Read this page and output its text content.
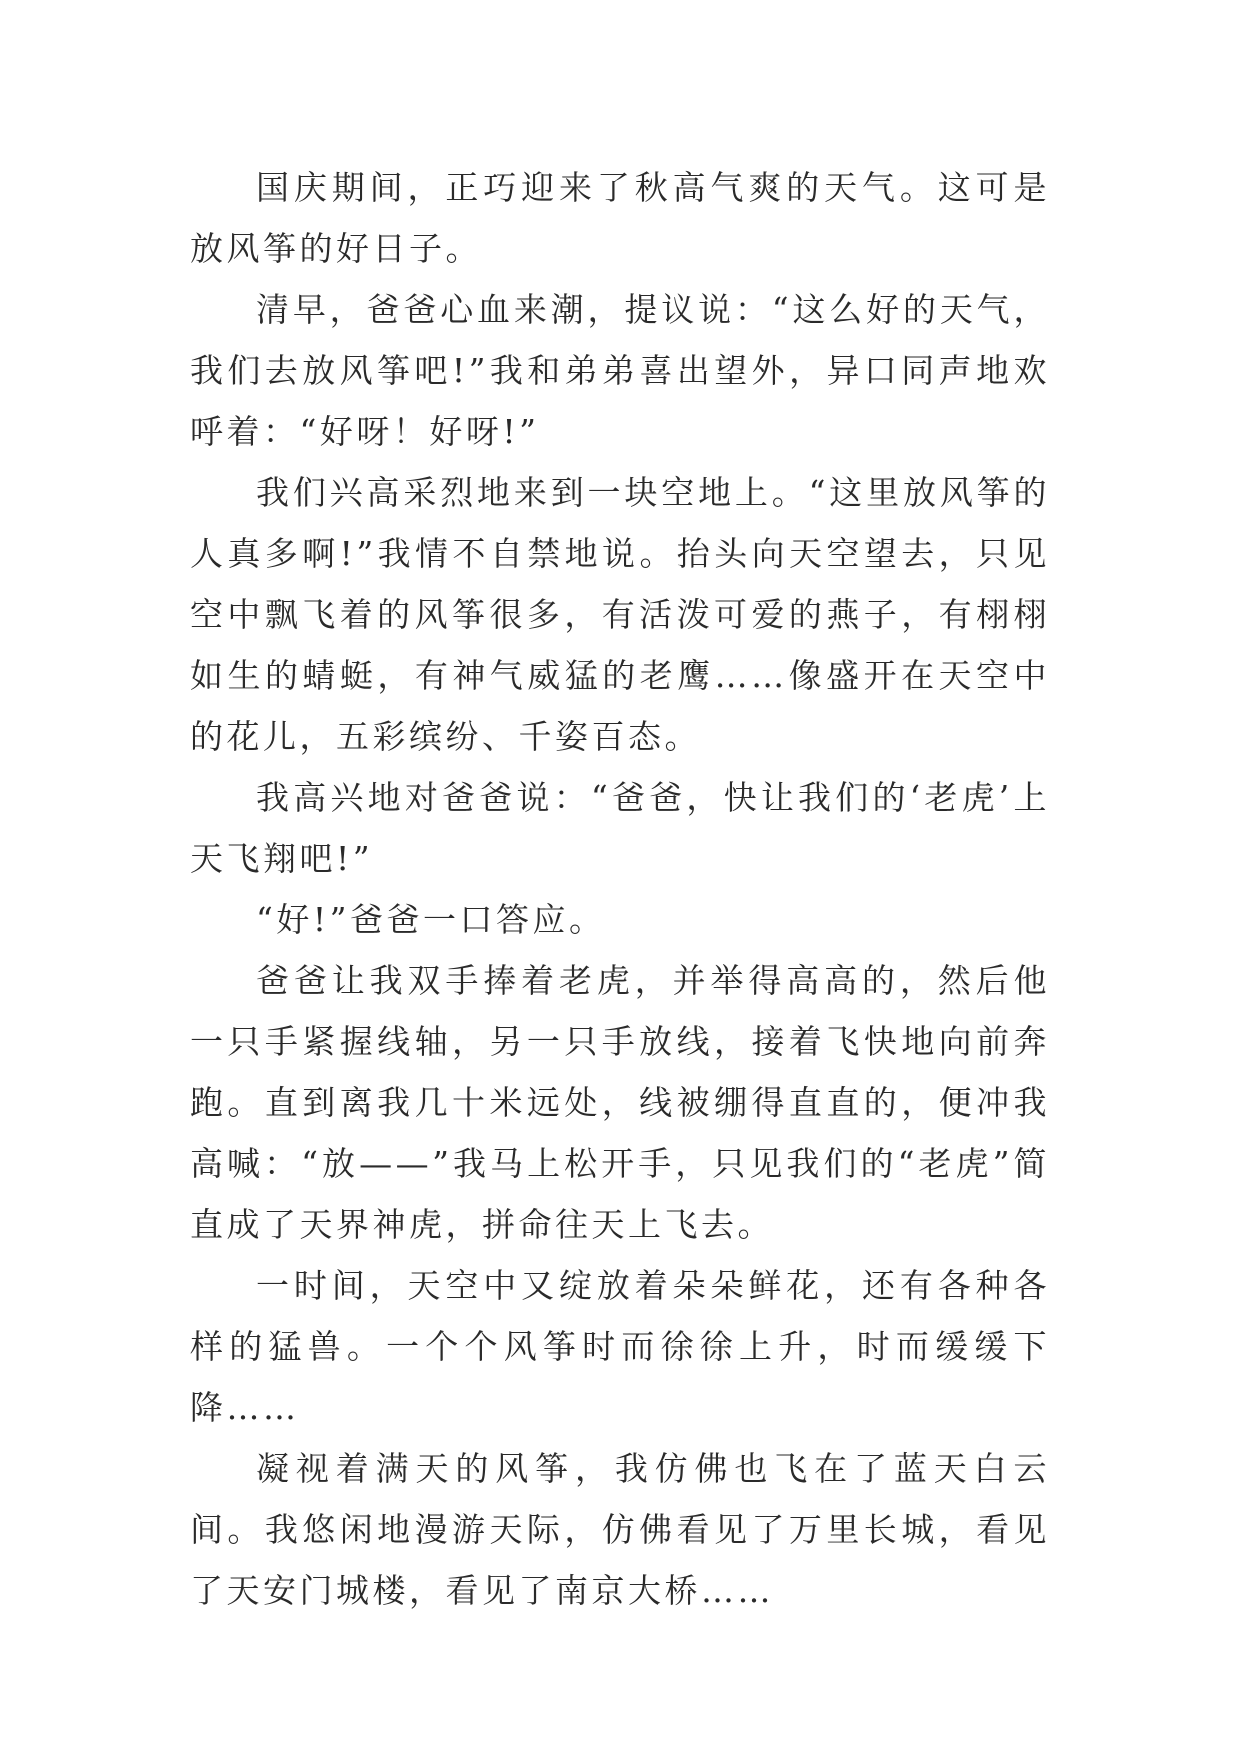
国庆期间，正巧迎来了秋高气爽的天气。这可是放风筝的好日子。

清早，爸爸心血来潮，提议说：“这么好的天气，我们去放风筝吧!”我和弟弟喜出望外，异口同声地欢呼着：“好呀！好呀!”

我们兴高采烈地来到一块空地上。“这里放风筝的人真多啊!”我情不自禁地说。抬头向天空望去，只见空中飘飞着的风筝很多，有活泼可爱的燕子，有栩栩如生的蜻蜓，有神气威猛的老鹰……像盛开在天空中的花儿，五彩缤纷、千姿百态。

我高兴地对爸爸说：“爸爸，快让我们的‘老虎’上天飞翔吧!”

“好!”爸爸一口答应。

爸爸让我双手捧着老虎，并举得高高的，然后他一只手紧握线轴，另一只手放线，接着飞快地向前奔跑。直到离我几十米远处，线被绷得直直的，便冲我高喊：“放——”我马上松开手，只见我们的“老虎”简直成了天界神虎，拼命往天上飞去。

一时间，天空中又绽放着朵朵鲜花，还有各种各样的猛兽。一个个风筝时而徐徐上升，时而缓缓下降……

凝视着满天的风筝，我仿佛也飞在了蓝天白云间。我悠闲地漫游天际，仿佛看见了万里长城，看见了天安门城楼，看见了南京大桥……
